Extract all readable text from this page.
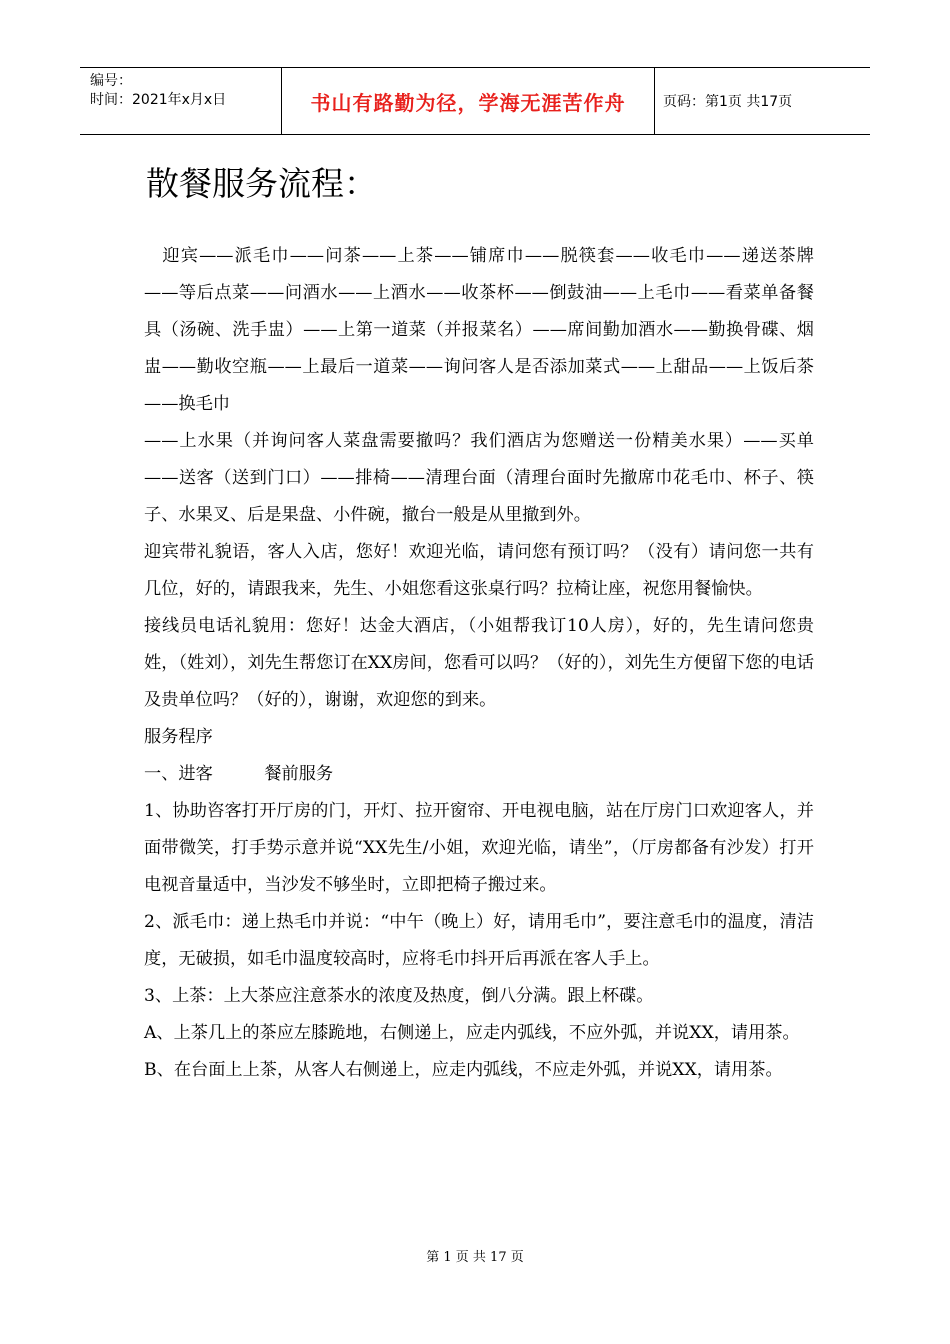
编号：
时间：2021年x月x日	书山有路勤为径，学海无涯苦作舟	页码：第1页 共17页
散餐服务流程：

　迎宾——派毛巾——问茶——上茶——铺席巾——脱筷套——收毛巾——递送茶牌——等后点菜——问酒水——上酒水——收茶杯——倒鼓油——上毛巾——看菜单备餐具（汤碗、洗手盅）——上第一道菜（并报菜名）——席间勤加酒水——勤换骨碟、烟盅——勤收空瓶——上最后一道菜——询问客人是否添加菜式——上甜品——上饭后茶——换毛巾

——上水果（并询问客人菜盘需要撤吗？我们酒店为您赠送一份精美水果）——买单——送客（送到门口）——排椅——清理台面（清理台面时先撤席巾花毛巾、杯子、筷子、水果叉、后是果盘、小件碗，撤台一般是从里撤到外。

迎宾带礼貌语，客人入店，您好！欢迎光临，请问您有预订吗？（没有）请问您一共有几位，好的，请跟我来，先生、小姐您看这张桌行吗？拉椅让座，祝您用餐愉快。

接线员电话礼貌用：您好！达金大酒店，（小姐帮我订10人房），好的，先生请问您贵姓，（姓刘），刘先生帮您订在XX房间，您看可以吗？（好的），刘先生方便留下您的电话及贵单位吗？（好的），谢谢，欢迎您的到来。

服务程序

一、进客　　　餐前服务

1、协助咨客打开厅房的门，开灯、拉开窗帘、开电视电脑，站在厅房门口欢迎客人，并面带微笑，打手势示意并说“XX先生/小姐，欢迎光临，请坐”，（厅房都备有沙发）打开电视音量适中，当沙发不够坐时，立即把椅子搬过来。

2、派毛巾：递上热毛巾并说：“中午（晚上）好，请用毛巾”，要注意毛巾的温度，清洁度，无破损，如毛巾温度较高时，应将毛巾抖开后再派在客人手上。

3、上茶：上大茶应注意茶水的浓度及热度，倒八分满。跟上杯碟。

A、上茶几上的茶应左膝跪地，右侧递上，应走内弧线，不应外弧，并说XX，请用茶。

B、在台面上上茶，从客人右侧递上，应走内弧线，不应走外弧，并说XX，请用茶。

第 1 页 共 17 页
